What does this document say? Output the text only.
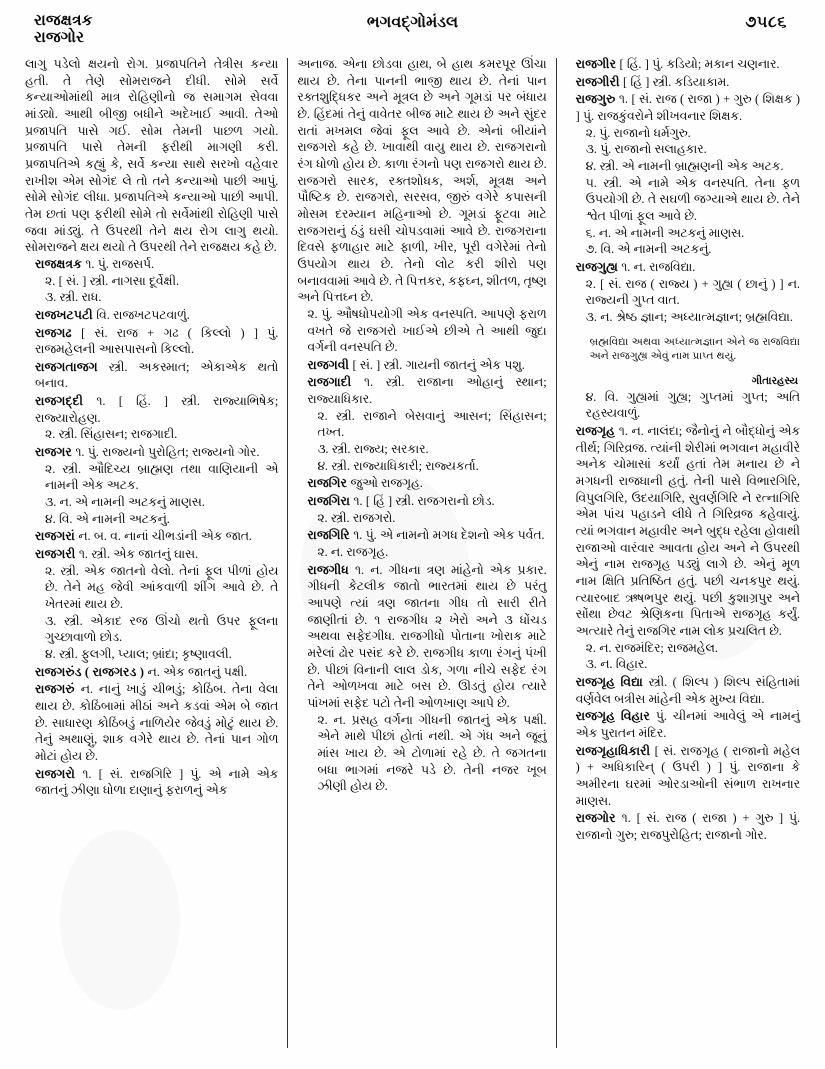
રાજક્ષત્રક
રાજગોર
ભગવદ્ગોમંડલ	૭૫૮૬

લાગુ પડેલો ક્ષયનો રોગ. પ્રજાપતિને તેત્રીસ કન્યા હતી. તે તેણે સોમરાજને દીધી. સોમે સર્વે કન્યાઓમાંથી માત્ર રોહિણીનો જ સમાગમ સેવવા માંડ્યો. આથી બીજી બધીને અદેખાઈ આવી. તેઓ પ્રજાપતિ પાસે ગઈ. સોમ તેમની પાછળ ગયો. પ્રજાપતિ પાસે તેમની ફરીથી માગણી કરી. પ્રજાપતિએ કહ્યું કે, સર્વે કન્યા સાથે સરખો વહેવાર રાખીશ એમ સોગંદ લે તો તને કન્યાઓ પાછી આપું. સોમે સોગંદ લીધા. પ્રજાપતિએ કન્યાઓ પાછી આપી. તેમ છતાં પણ ફરીથી સોમે તો સર્વેમાંથી રોહિણી પાસે જવા માંડ્યું. તે ઉપરથી તેને ક્ષય રોગ લાગુ થયો. સોમરાજને ક્ષય થયો તે ઉપરથી તેને રાજક્ષય કહે છે.

રાજક્ષત્રક ૧. પું. રાજસર્પ.

૨. [ સં. ] સ્ત્રી. નાગસા દૂર્વેક્ષી.

૩. સ્ત્રી. રાધ.

રાજખટપટી વિ. રાજખટપટવાળું.

રાજગઢ [ સં. રાજ + ગઢ ( કિલ્લો ) ] પું. રાજમહેલની આસપાસનો કિલ્લો.

રાજગતાજગ સ્ત્રી. અકસ્માત; એકાએક થતો બનાવ.

રાજગદ્દી ૧. [ હિં. ] સ્ત્રી. રાજ્યાભિષેક; રાજ્યારોહણ.

૨. સ્ત્રી. સિંહાસન; રાજગાદી.

રાજગર ૧. પું. રાજ્યનો પુરોહિત; રાજ્યનો ગોર.

૨. સ્ત્રી. ઔદિચ્ય બ્રાહ્મણ તથા વાણિયાની એ નામની એક અટક.

૩. ન. એ નામની અટકનું માણસ.

૪. વિ. એ નામની અટકનું.

રાજગરાં ન. બ. વ. નાનાં ચીભડાંની એક જાત.

રાજગરી ૧. સ્ત્રી. એક જાતનું ઘાસ.

૨. સ્ત્રી. એક જાતનો વેલો. તેનાં ફૂલ પીળાં હોય છે. તેને મહ જેવી આંકવાળી શીંગ આવે છે. તે ખેતરમાં થાય છે.

૩. સ્ત્રી. એકાદ રજ ઊંચો થતો ઉપર ફૂલના ગુચ્છાવાળો છોડ.

૪. સ્ત્રી. ફુલગી, પ્યાલ; બ્રાંદા; કૃષ્ણાવલી.

રાજગરુંડ ( રાજગરડ ) ન. એક જાતનું પક્ષી.

રાજગરું ન. નાનું ખાડું ચીભડું; કોઠિંબ. તેના વેલા થાય છે. કોઠિંબામાં મીઠાં અને કડવાં એમ બે જાત છે. સાધારણ કોઠિંબડું નાળિયેર જેવડું મોટું થાય છે. તેનું અથાણું, શાક વગેરે થાય છે. તેનાં પાન ગોળ મોટાં હોય છે.

રાજગરો ૧. [ સં. રાજગિરિ ] પું. એ નામે એક જાતનું ઝીણા ધોળા દાણાનું ફરાળનું એક

અનાજ. એના છોડવા હાથ, બે હાથ કમરપૂર ઊંચા થાય છે. તેના પાનની ભાજી થાય છે. તેનાં પાન રક્તશુદ્ધિકર અને મૂત્રલ છે અને ગૂમડાં પર બંધાય છે. હિંદમાં તેનું વાવેતર બીજ માટે થાય છે અને સુંદર રાતાં મખમલ જેવાં ફૂલ આવે છે. એનાં બીયાંને રાજગરો કહે છે. ખાવાથી વાયુ થાય છે. રાજગરાનો રંગ ધોળો હોય છે. કાળા રંગનો પણ રાજગરો થાય છે. રાજગરો સારક, રક્તશોધક, અર્શ, મૂત્રક્ષ અને પૌષ્ટિક છે. રાજગરો, સરસવ, જીરું વગેરે કપાસની મોસમ દરમ્યાન મહિનાઓ છે. ગૂમડાં ફૂટવા માટે રાજગરાનું ઠંડું ઘસી ચોપડવામાં આવે છે. રાજગરાના દિવસે ફળાહાર માટે ફાળી, ખીર, પૂરી વગેરેમાં તેનો ઉપયોગ થાય છે. તેનો લોટ કરી શીરો પણ બનાવવામાં આવે છે. તે પિત્તકર, કફઘ્ન, શીતળ, તૃષ્ણ અને પિત્તઘ્ન છે.

૨. પું. ઔષધોપયોગી એક વનસ્પતિ. આપણે ફરાળ વખતે જે રાજગરો ખાઈએ છીએ તે આથી જુદા વર્ગની વનસ્પતિ છે.

રાજગવી [ સં. ] સ્ત્રી. ગાયની જાતનું એક પશુ.

રાજગાદી ૧. સ્ત્રી. રાજાના ઓહાનું સ્થાન; રાજ્યાધિકાર.

૨. સ્ત્રી. રાજાને બેસવાનું આસન; સિંહાસન; તખ્ત.

૩. સ્ત્રી. રાજ્ય; સરકાર.

૪. સ્ત્રી. રાજ્યાધિકારી; રાજ્યકર્તા.

રાજગિર જુઓ રાજગૃહ.

રાજગિરા ૧. [ હિં ] સ્ત્રી. રાજગરાનો છોડ.

૨. સ્ત્રી. રાજગરો.

રાજગિરિ ૧. પું. એ નામનો મગધ દેશનો એક પર્વત.

૨. ન. રાજગૃહ.

રાજગીધ ૧. ન. ગીધના ત્રણ માંહેનો એક પ્રકાર. ગીધની કેટલીક જાતો ભારતમાં થાય છે પરંતુ આપણે ત્યાં ત્રણ જાતના ગીધ તો સારી રીતે જાણીતાં છે. ૧ રાજગીધ ૨ ખેરો અને ૩ ધોંચડ અથવા સફેદગીધ. રાજગીધો પોતાના ખોરાક માટે મરેલાં ઢોર પસંદ કરે છે. રાજગીધ કાળા રંગનું પંખી છે. પીછાં વિનાની લાલ ડોક, ગળા નીચે સફેદ રંગ તેને ઓળખવા માટે બસ છે. ઊડતું હોય ત્યારે પાંખમાં સફેદ પટો તેની ઓળખાણ આપે છે.

૨. ન. પ્રસહ વર્ગના ગીધની જાતનું એક પક્ષી. એને માથે પીછાં હોતાં નથી. એ ગંધ અને જૂનું માંસ ખાય છે. એ ટોળામાં રહે છે. તે જગતના બધા ભાગમાં નજરે પડે છે. તેની નજર ખૂબ ઝીણી હોય છે.

રાજગીર [ હિં. ] પું. કડિયો; મકાન ચણનાર.

રાજગીરી [ હિં ] સ્ત્રી. કડિયાકામ.

રાજગુરુ ૧. [ સં. રાજ ( રાજા ) + ગુરુ ( શિક્ષક ) ] પું. રાજકુંવરોને શીખવનાર શિક્ષક.

૨. પું. રાજાનો ધર્મગુરુ.

૩. પું. રાજાનો સલાહકાર.

૪. સ્ત્રી. એ નામની બ્રાહ્મણની એક અટક.

૫. સ્ત્રી. એ નામે એક વનસ્પતિ. તેના ફળ ઉપયોગી છે. તે સઘળી જગ્યાએ થાય છે. તેને શ્વેત પીળાં ફૂલ આવે છે.

૬. ન. એ નામની અટકનું માણસ.

૭. વિ. એ નામની અટકનું.

રાજગુહ્ય ૧. ન. રાજવિદ્યા.

૨. [ સં. રાજ ( રાજ્ય ) + ગુહ્ય ( છાનું ) ] ન. રાજ્યની ગુપ્ત વાત.

૩. ન. શ્રેષ્ઠ જ્ઞાન; અધ્યાત્મજ્ઞાન; બ્રહ્મવિદ્યા.

બ્રહ્મવિદ્યા અથવા અધ્યાત્મજ્ઞાન એને જ રાજવિદ્યા અને રાજગુહ્ય એવું નામ પ્રાપ્ત થયું.

ગીતારહસ્ય

૪. વિ. ગુહ્યમાં ગુહ્ય; ગુપ્તમાં ગુપ્ત; અતિ રહસ્યવાળું.

રાજગૃહ ૧. ન. નાલંદા; જૈનોનું ને બૌદ્ધોનું એક તીર્થ; ગિરિવ્રજ. ત્યાંની શેરીમાં ભગવાન મહાવીરે અનેક ચોમાસાં કર્યાં હતાં તેમ મનાય છે ને મગધની રાજધાની હતું. તેની પાસે વિભારગિરિ, વિપુલગિરિ, ઉદયાગિરિ, સુવર્ણગિરિ ને રત્નાગિરિ એમ પાંચ પહાડને લીધે તે ગિરિવ્રજ કહેવાયું. ત્યાં ભગવાન મહાવીર અને બુદ્ધ રહેલા હોવાથી રાજાઓ વારંવાર આવતા હોય અને ને ઉપરથી એનું નામ રાજગૃહ પડ્યું લાગે છે. એનું મૂળ નામ ક્ષિતિ પ્રતિષ્ઠિત હતું. પછી ચનકપુર થયું. ત્યારબાદ ઋષભપુર થયું. પછી કુશાગ્રપુર અને સોંથા છેવટ શ્રેણિકના પિતાએ રાજગૃહ કર્યું. અત્યારે તેનું રાજગિર નામ લોક પ્રચલિત છે.

૨. ન. રાજમંદિર; રાજમહેલ.

૩. ન. વિહાર.

રાજગૃહ વિદ્યા સ્ત્રી. ( શિલ્પ ) શિલ્પ સંહિતામાં વર્ણવેલ બત્રીસ માંહેની એક મુખ્ય વિદ્યા.

રાજગૃહ વિહાર પું. ચીનમાં આવેલું એ નામનું એક પુરાતન મંદિર.

રાજગૃહાધિકારી [ સં. રાજગૃહ ( રાજાનો મહેલ ) + અધિકારિન્ ( ઉપરી ) ] પું. રાજાના કે અમીરના ઘરમાં ઓરડાઓની સંભાળ રાખનાર માણસ.

રાજગોર ૧. [ સં. રાજ ( રાજા ) + ગુરુ ] પું. રાજાનો ગુરુ; રાજપુરોહિત; રાજાનો ગોર.
